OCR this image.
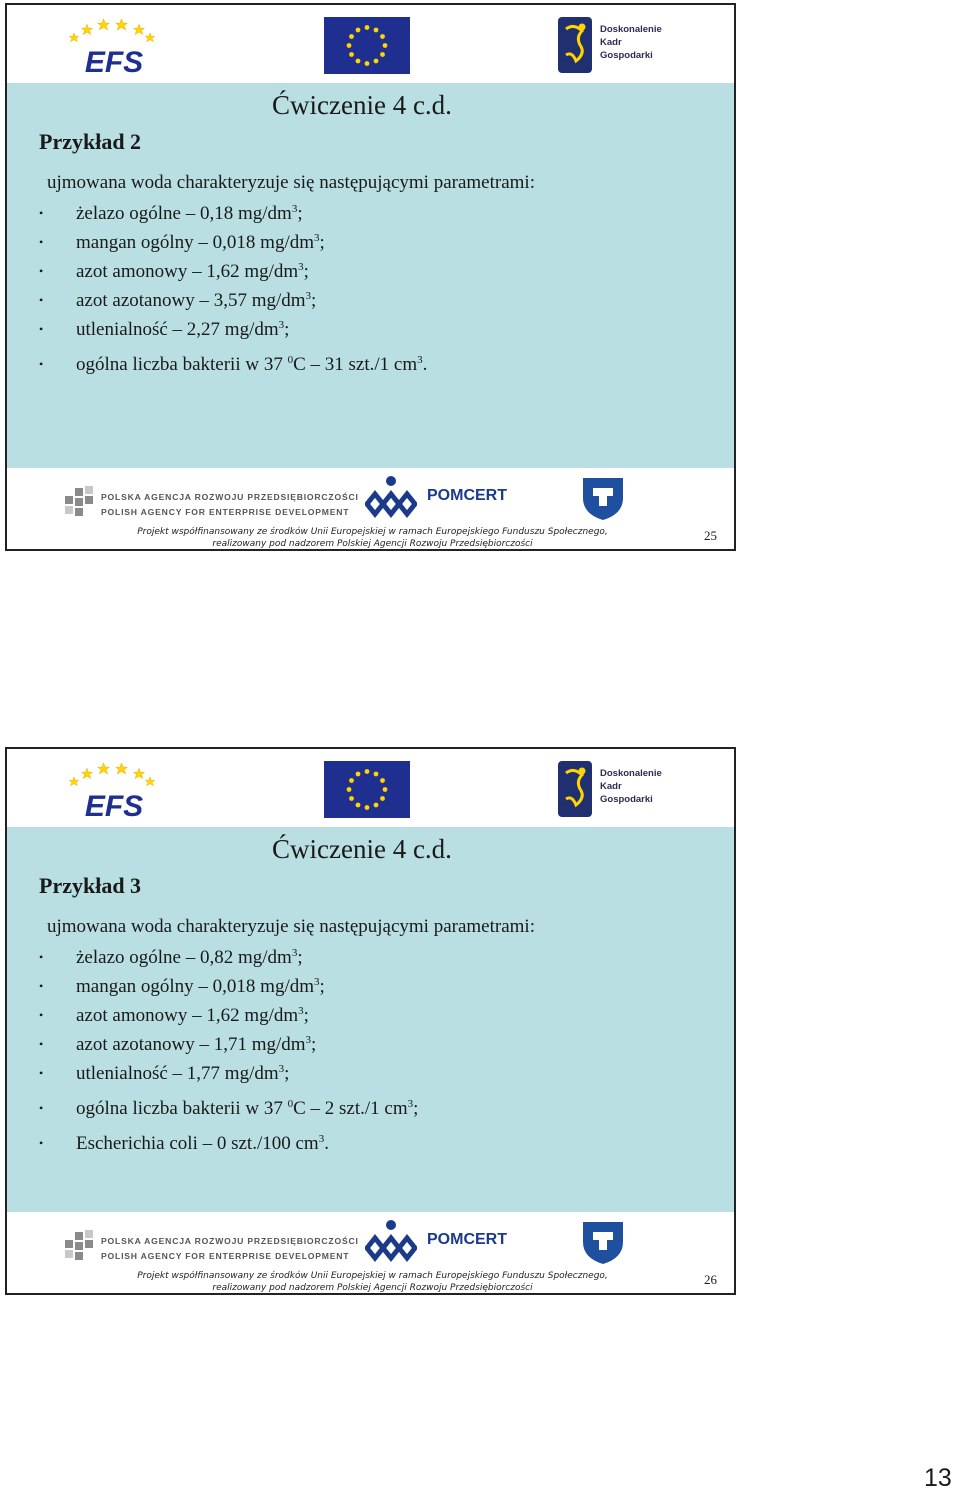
EFS
Doskonalenie
Kadr
Gospodarki
Ćwiczenie 4 c.d.
Przykład 2
ujmowana woda charakteryzuje się następującymi parametrami:
• żelazo ogólne – 0,18 $mg/dm^3$;
• mangan ogólny – 0,018 $mg/dm^3$;
• azot amonowy – 1,62 $mg/dm^3$;
• azot azotanowy – 3,57 $mg/dm^3$;
• utlenialność – 2,27 $mg/dm^3$;
• ogólna liczba bakterii w 37 $^0$C – 31 szt./1 $cm^3$.
POLSKA AGENCJA ROZWOJU PRZEDSIĘBIORCZOŚCI
POLISH AGENCY FOR ENTERPRISE DEVELOPMENT
POMCERT
Projekt współfinansowany ze środków Unii Europejskiej w ramach Europejskiego Funduszu Społecznego,
realizowany pod nadzorem Polskiej Agencji Rozwoju Przedsiębiorczości
25
EFS
Doskonalenie
Kadr
Gospodarki
Ćwiczenie 4 c.d.
Przykład 3
ujmowana woda charakteryzuje się następującymi parametrami:
• żelazo ogólne – 0,82 $mg/dm^3$;
• mangan ogólny – 0,018 $mg/dm^3$;
• azot amonowy – 1,62 $mg/dm^3$;
• azot azotanowy – 1,71 $mg/dm^3$;
• utlenialność – 1,77 $mg/dm^3$;
• ogólna liczba bakterii w 37 $^0$C – 2 szt./1 $cm^3$;
• Escherichia coli – 0 szt./100 $cm^3$.
POLSKA AGENCJA ROZWOJU PRZEDSIĘBIORCZOŚCI
POLISH AGENCY FOR ENTERPRISE DEVELOPMENT
POMCERT
Projekt współfinansowany ze środków Unii Europejskiej w ramach Europejskiego Funduszu Społecznego,
realizowany pod nadzorem Polskiej Agencji Rozwoju Przedsiębiorczości
26
13
